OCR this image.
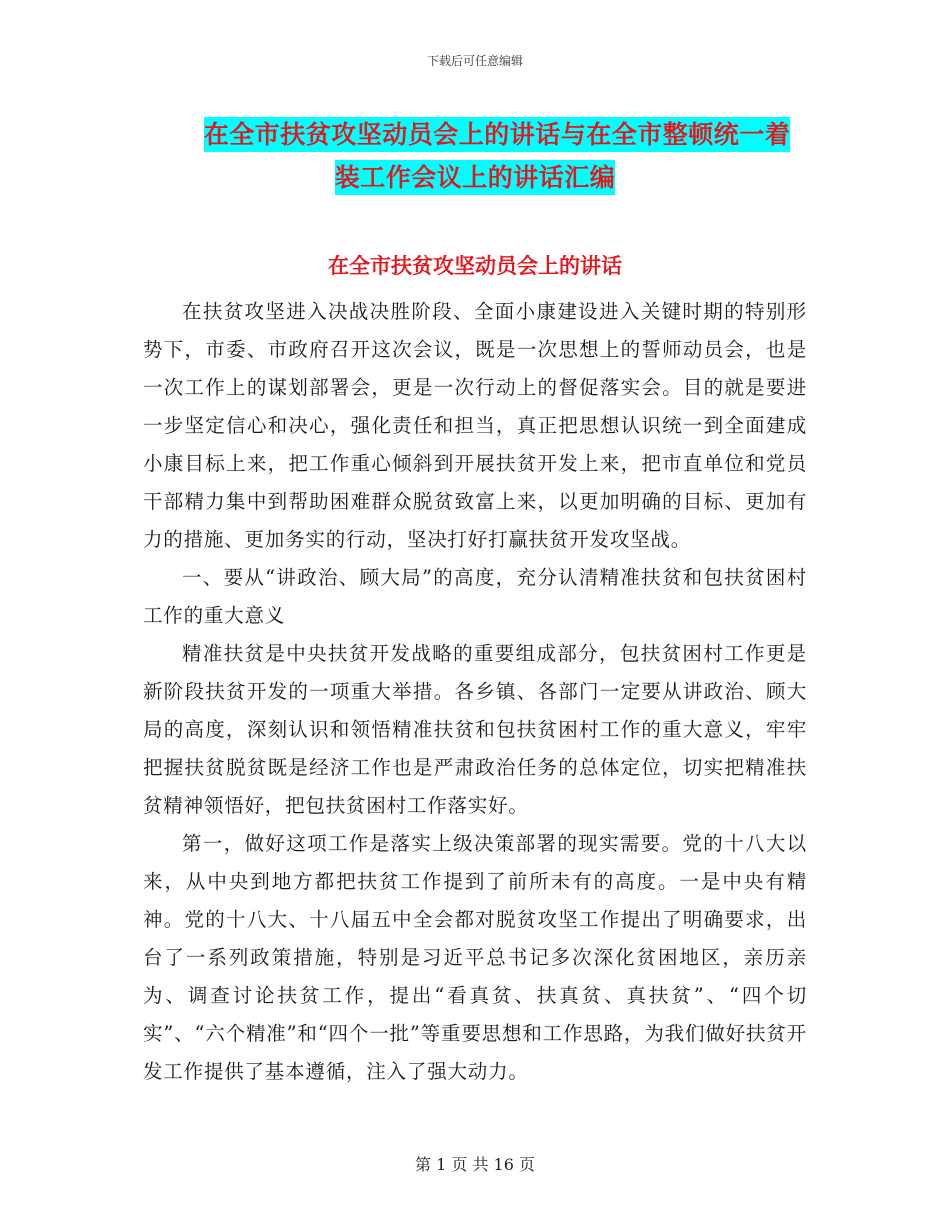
下载后可任意编辑
在全市扶贫攻坚动员会上的讲话与在全市整顿统一着
装工作会议上的讲话汇编
在全市扶贫攻坚动员会上的讲话

在扶贫攻坚进入决战决胜阶段、全面小康建设进入关键时期的特别形势下，市委、市政府召开这次会议，既是一次思想上的誓师动员会，也是一次工作上的谋划部署会，更是一次行动上的督促落实会。目的就是要进一步坚定信心和决心，强化责任和担当，真正把思想认识统一到全面建成小康目标上来，把工作重心倾斜到开展扶贫开发上来，把市直单位和党员干部精力集中到帮助困难群众脱贫致富上来，以更加明确的目标、更加有力的措施、更加务实的行动，坚决打好打赢扶贫开发攻坚战。

一、要从“讲政治、顾大局”的高度，充分认清精准扶贫和包扶贫困村工作的重大意义

精准扶贫是中央扶贫开发战略的重要组成部分，包扶贫困村工作更是新阶段扶贫开发的一项重大举措。各乡镇、各部门一定要从讲政治、顾大局的高度，深刻认识和领悟精准扶贫和包扶贫困村工作的重大意义，牢牢把握扶贫脱贫既是经济工作也是严肃政治任务的总体定位，切实把精准扶贫精神领悟好，把包扶贫困村工作落实好。

第一，做好这项工作是落实上级决策部署的现实需要。党的十八大以来，从中央到地方都把扶贫工作提到了前所未有的高度。一是中央有精神。党的十八大、十八届五中全会都对脱贫攻坚工作提出了明确要求，出台了一系列政策措施，特别是习近平总书记多次深化贫困地区，亲历亲为、调查讨论扶贫工作，提出“看真贫、扶真贫、真扶贫”、“四个切实”、“六个精准”和“四个一批”等重要思想和工作思路，为我们做好扶贫开发工作提供了基本遵循，注入了强大动力。

第 1 页 共 16 页
